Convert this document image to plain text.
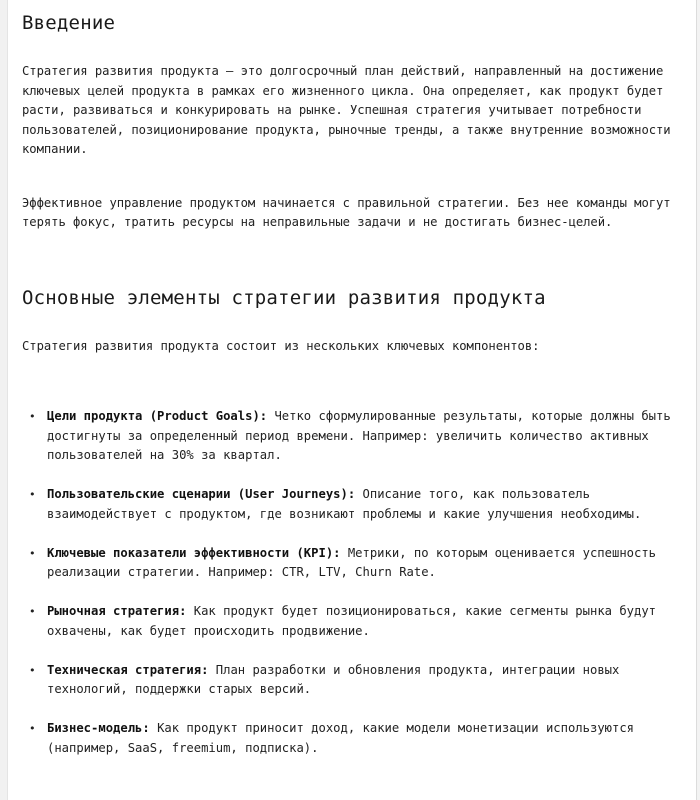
Введение

Стратегия развития продукта — это долгосрочный план действий, направленный на достижение ключевых целей продукта в рамках его жизненного цикла. Она определяет, как продукт будет расти, развиваться и конкурировать на рынке. Успешная стратегия учитывает потребности пользователей, позиционирование продукта, рыночные тренды, а также внутренние возможности компании.

Эффективное управление продуктом начинается с правильной стратегии. Без нее команды могут терять фокус, тратить ресурсы на неправильные задачи и не достигать бизнес-целей.

Основные элементы стратегии развития продукта

Стратегия развития продукта состоит из нескольких ключевых компонентов:

• Цели продукта (Product Goals): Четко сформулированные результаты, которые должны быть достигнуты за определенный период времени. Например: увеличить количество активных пользователей на 30% за квартал.
• Пользовательские сценарии (User Journeys): Описание того, как пользователь взаимодействует с продуктом, где возникают проблемы и какие улучшения необходимы.
• Ключевые показатели эффективности (KPI): Метрики, по которым оценивается успешность реализации стратегии. Например: CTR, LTV, Churn Rate.
• Рыночная стратегия: Как продукт будет позиционироваться, какие сегменты рынка будут охвачены, как будет происходить продвижение.
• Техническая стратегия: План разработки и обновления продукта, интеграции новых технологий, поддержки старых версий.
• Бизнес-модель: Как продукт приносит доход, какие модели монетизации используются (например, SaaS, freemium, подписка).
